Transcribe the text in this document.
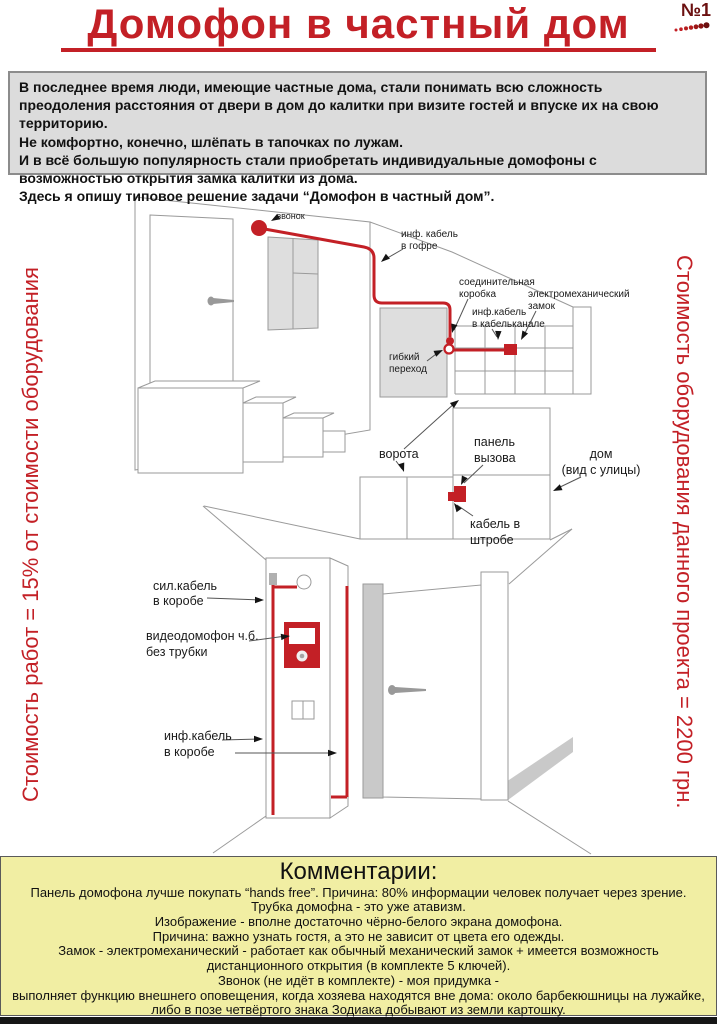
звонок
инф. кабель
в гофре
соединительная
коробка	электромеханический
замок
инф.кабель
в кабельканале
гибкий
переход
ворота
панель
вызова	дом
(вид с улицы)
кабель в
штробе
сил.кабель
в коробе
видеодомофон ч.б.
без трубки
инф.кабель
в коробе
Домофон в частный дом	№1

В последнее время люди, имеющие частные дома, стали понимать всю сложность преодоления расстояния от двери в дом до калитки при визите гостей и впуске их на свою территорию.

Не комфортно, конечно, шлёпать в тапочках по лужам.

И в всё большую популярность стали приобретать индивидуальные домофоны с возможностью открытия замка калитки из дома.

Здесь я опишу типовое решение задачи “Домофон в частный дом”.

Стоимость работ = 15% от стоимости оборудования	Стоимость оборудования данного проекта = 2200 грн.
Комментарии:
Панель домофона лучше покупать “hands free”. Причина: 80% информации человек получает через зрение.
Трубка домофна - это уже атавизм.
Изображение - вполне достаточно чёрно-белого экрана домофона.
Причина: важно узнать гостя, а это не зависит от цвета его одежды.
Замок - электромеханический - работает как обычный механический замок + имеется возможность
дистанционного открытия (в комплекте 5 ключей).
Звонок (не идёт в комплекте) - моя придумка -
выполняет функцию внешнего оповещения, когда хозяева находятся вне дома: около барбекюшницы на лужайке,
либо в позе четвёртого знака Зодиака добывают из земли картошку.
